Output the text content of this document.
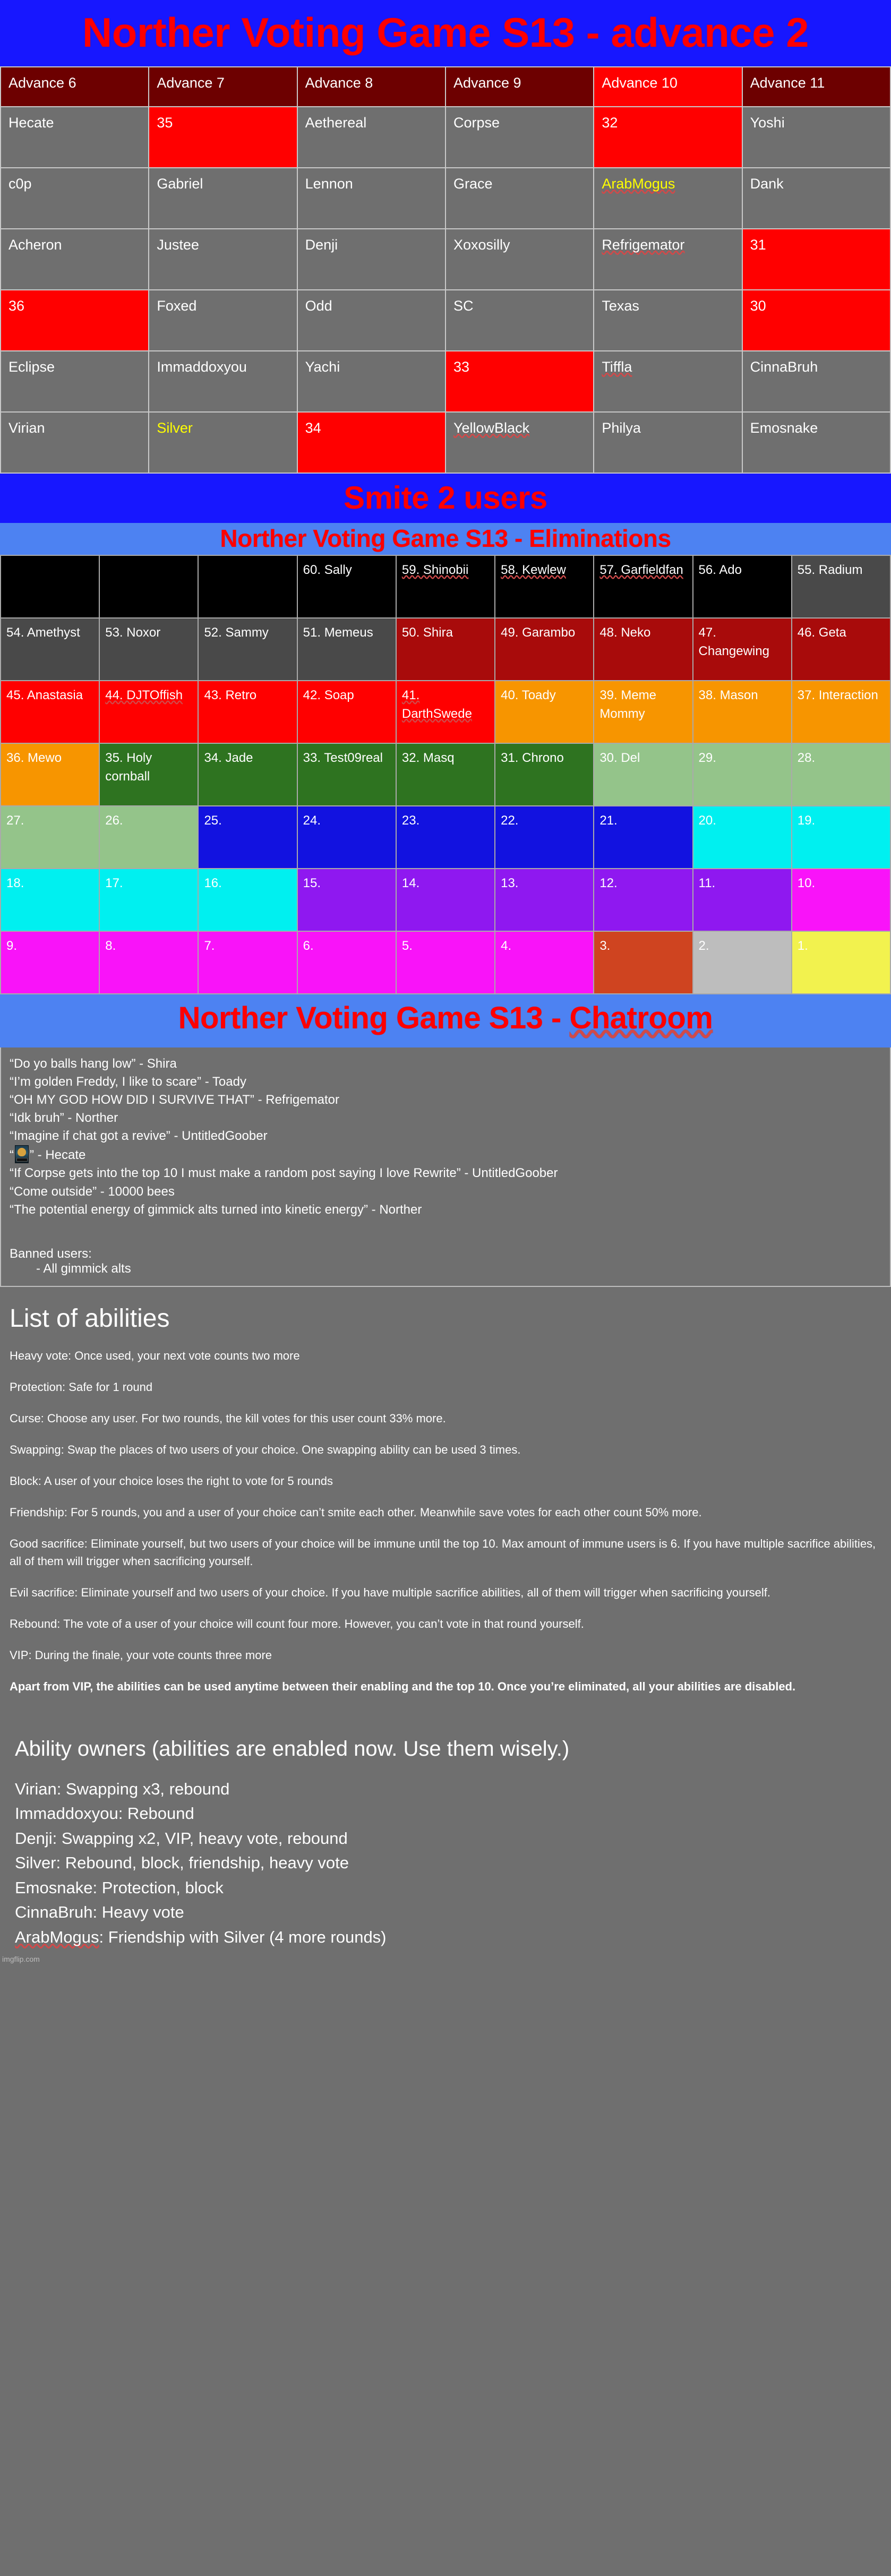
Norther Voting Game S13 - advance 2
Advance 6	Advance 7	Advance 8	Advance 9	Advance 10	Advance 11
Hecate	35	Aethereal	Corpse	32	Yoshi
c0p	Gabriel	Lennon	Grace	ArabMogus	Dank
Acheron	Justee	Denji	Xoxosilly	Refrigemator	31
36	Foxed	Odd	SC	Texas	30
Eclipse	Immaddoxyou	Yachi	33	Tiffla	CinnaBruh
Virian	Silver	34	YellowBlack	Philya	Emosnake
Smite 2 users
Norther Voting Game S13 - Eliminations
			60. Sally	59. Shinobii	58. Kewlew	57. Garfieldfan	56. Ado	55. Radium
54. Amethyst	53. Noxor	52. Sammy	51. Memeus	50. Shira	49. Garambo	48. Neko	47. Changewing	46. Geta
45. Anastasia	44. DJTOffish	43. Retro	42. Soap	41. DarthSwede	40. Toady	39. Meme Mommy	38. Mason	37. Interaction
36. Mewo	35. Holy cornball	34. Jade	33. Test09real	32. Masq	31. Chrono	30. Del	29.	28.
27.	26.	25.	24.	23.	22.	21.	20.	19.
18.	17.	16.	15.	14.	13.	12.	11.	10.
9.	8.	7.	6.	5.	4.	3.	2.	1.
Norther Voting Game S13 - Chatroom
“Do yo balls hang low” - Shira
“I’m golden Freddy, I like to scare” - Toady
“OH MY GOD HOW DID I SURVIVE THAT” - Refrigemator
“Idk bruh” - Norther
“Imagine if chat got a revive” - UntitledGoober
“ ” - Hecate
“If Corpse gets into the top 10 I must make a random post saying I love Rewrite” - UntitledGoober
“Come outside” - 10000 bees
“The potential energy of gimmick alts turned into kinetic energy” - Norther
Banned users:
- All gimmick alts
List of abilities
Heavy vote: Once used, your next vote counts two more
Protection: Safe for 1 round
Curse: Choose any user. For two rounds, the kill votes for this user count 33% more.
Swapping: Swap the places of two users of your choice. One swapping ability can be used 3 times.
Block: A user of your choice loses the right to vote for 5 rounds
Friendship: For 5 rounds, you and a user of your choice can’t smite each other. Meanwhile save votes for each other count 50% more.
Good sacrifice: Eliminate yourself, but two users of your choice will be immune until the top 10. Max amount of immune users is 6. If you have multiple sacrifice abilities, all of them will trigger when sacrificing yourself.
Evil sacrifice: Eliminate yourself and two users of your choice. If you have multiple sacrifice abilities, all of them will trigger when sacrificing yourself.
Rebound: The vote of a user of your choice will count four more. However, you can’t vote in that round yourself.
VIP: During the finale, your vote counts three more
Apart from VIP, the abilities can be used anytime between their enabling and the top 10. Once you’re eliminated, all your abilities are disabled.
Ability owners (abilities are enabled now. Use them wisely.)
Virian: Swapping x3, rebound
Immaddoxyou: Rebound
Denji: Swapping x2, VIP, heavy vote, rebound
Silver: Rebound, block, friendship, heavy vote
Emosnake: Protection, block
CinnaBruh: Heavy vote
ArabMogus: Friendship with Silver (4 more rounds)
imgflip.com
